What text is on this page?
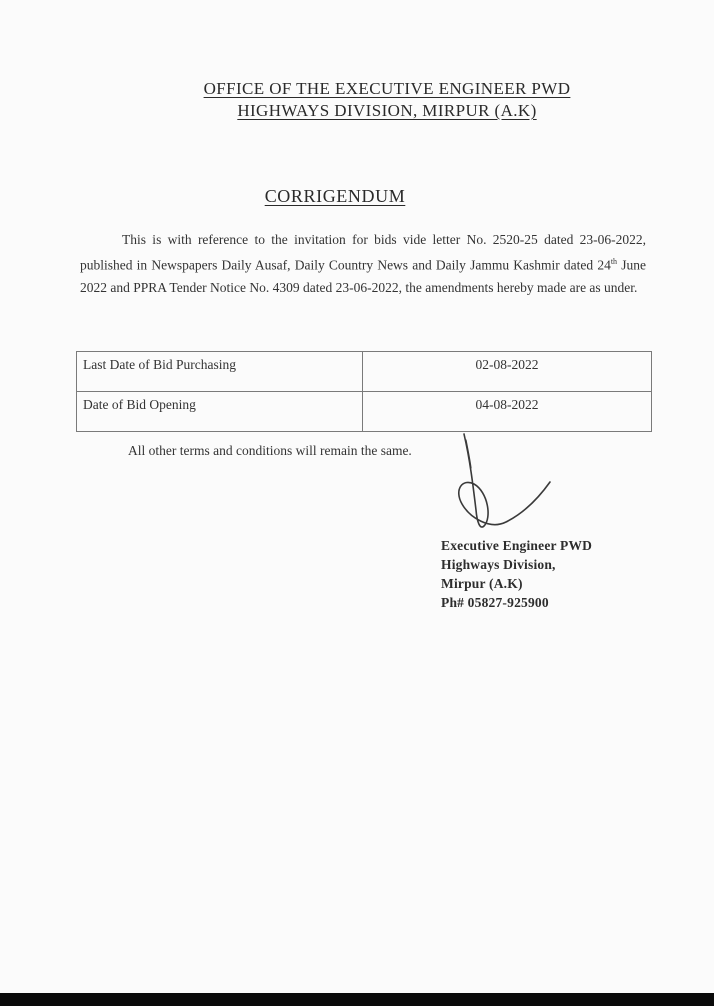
OFFICE OF THE EXECUTIVE ENGINEER PWD
HIGHWAYS DIVISION, MIRPUR (A.K)
CORRIGENDUM
This is with reference to the invitation for bids vide letter No. 2520-25 dated 23-06-2022, published in Newspapers Daily Ausaf, Daily Country News and Daily Jammu Kashmir dated 24th June 2022 and PPRA Tender Notice No. 4309 dated 23-06-2022, the amendments hereby made are as under.
Last Date of Bid Purchasing	02-08-2022
Date of Bid Opening	04-08-2022
All other terms and conditions will remain the same.
Executive Engineer PWD
Highways Division,
Mirpur (A.K)
Ph# 05827-925900
